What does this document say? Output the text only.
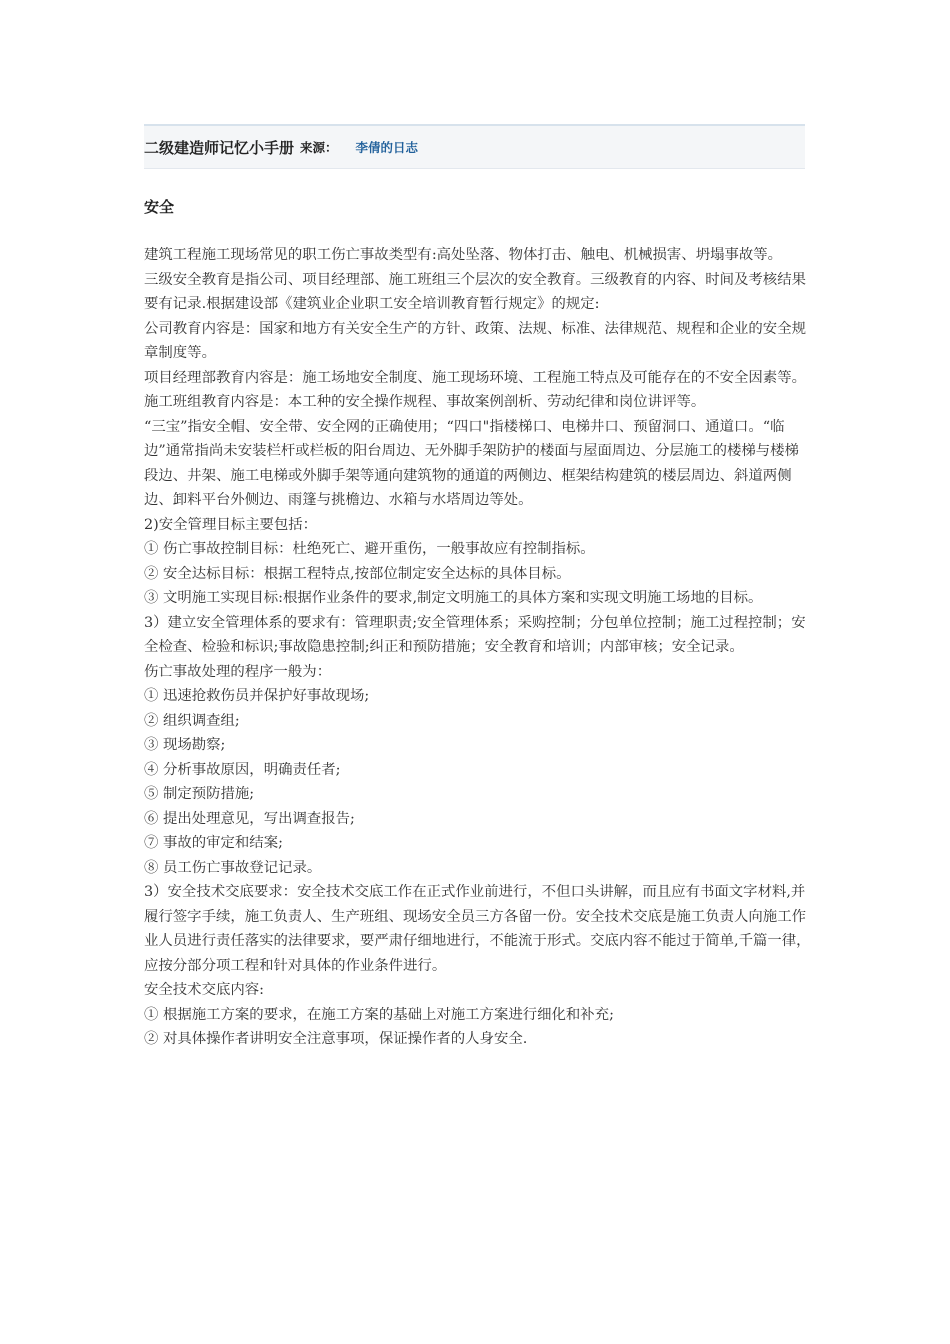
二级建造师记忆小手册 来源： 李倩的日志
安全

建筑工程施工现场常见的职工伤亡事故类型有:高处坠落、物体打击、触电、机械损害、坍塌事故等。

三级安全教育是指公司、项目经理部、施工班组三个层次的安全教育。三级教育的内容、时间及考核结果要有记录.根据建设部《建筑业企业职工安全培训教育暂行规定》的规定:

公司教育内容是：国家和地方有关安全生产的方针、政策、法规、标准、法律规范、规程和企业的安全规章制度等。

项目经理部教育内容是：施工场地安全制度、施工现场环境、工程施工特点及可能存在的不安全因素等。

施工班组教育内容是：本工种的安全操作规程、事故案例剖析、劳动纪律和岗位讲评等。

“三宝”指安全帽、安全带、安全网的正确使用；“四口"指楼梯口、电梯井口、预留洞口、通道口。“临边”通常指尚未安装栏杆或栏板的阳台周边、无外脚手架防护的楼面与屋面周边、分层施工的楼梯与楼梯段边、井架、施工电梯或外脚手架等通向建筑物的通道的两侧边、框架结构建筑的楼层周边、斜道两侧边、卸料平台外侧边、雨篷与挑檐边、水箱与水塔周边等处。

2)安全管理目标主要包括：

① 伤亡事故控制目标：杜绝死亡、避开重伤，一般事故应有控制指标。

② 安全达标目标：根据工程特点,按部位制定安全达标的具体目标。

③ 文明施工实现目标:根据作业条件的要求,制定文明施工的具体方案和实现文明施工场地的目标。

3）建立安全管理体系的要求有：管理职责;安全管理体系；采购控制；分包单位控制；施工过程控制；安全检查、检验和标识;事故隐患控制;纠正和预防措施；安全教育和培训；内部审核；安全记录。

伤亡事故处理的程序一般为：

① 迅速抢救伤员并保护好事故现场;

② 组织调查组;

③ 现场勘察;

④ 分析事故原因，明确责任者;

⑤ 制定预防措施;

⑥ 提出处理意见，写出调查报告;

⑦ 事故的审定和结案;

⑧ 员工伤亡事故登记记录。

3）安全技术交底要求：安全技术交底工作在正式作业前进行，不但口头讲解，而且应有书面文字材料,并履行签字手续，施工负责人、生产班组、现场安全员三方各留一份。安全技术交底是施工负责人向施工作业人员进行责任落实的法律要求，要严肃仔细地进行，不能流于形式。交底内容不能过于简单,千篇一律，应按分部分项工程和针对具体的作业条件进行。

安全技术交底内容:

① 根据施工方案的要求，在施工方案的基础上对施工方案进行细化和补充;

② 对具体操作者讲明安全注意事项，保证操作者的人身安全.
